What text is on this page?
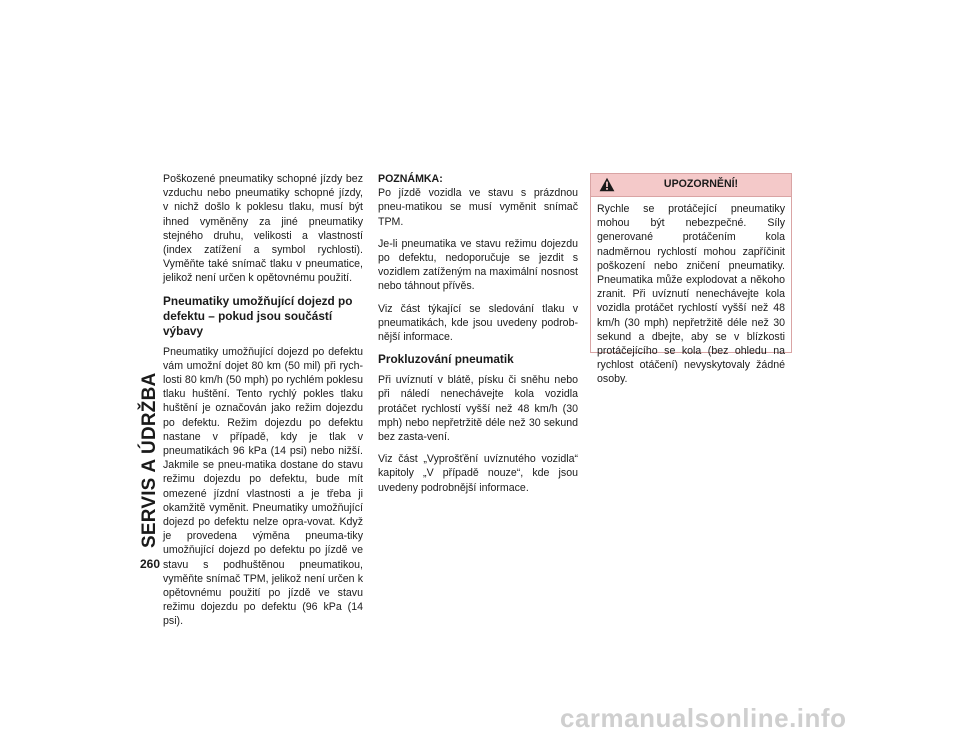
SERVIS A ÚDRŽBA
260

Poškozené pneumatiky schopné jízdy bez vzduchu nebo pneumatiky schopné jízdy, v nichž došlo k poklesu tlaku, musí být ihned vyměněny za jiné pneumatiky stejného druhu, velikosti a vlastností (index zatížení a symbol rychlosti). Vyměňte také snímač tlaku v pneumatice, jelikož není určen k opětovnému použití.

Pneumatiky umožňující dojezd po defektu – pokud jsou součástí výbavy

Pneumatiky umožňující dojezd po defektu vám umožní dojet 80 km (50 mil) při rych-losti 80 km/h (50 mph) po rychlém poklesu tlaku huštění. Tento rychlý pokles tlaku huštění je označován jako režim dojezdu po defektu. Režim dojezdu po defektu nastane v případě, kdy je tlak v pneumatikách 96 kPa (14 psi) nebo nižší. Jakmile se pneu-matika dostane do stavu režimu dojezdu po defektu, bude mít omezené jízdní vlastnosti a je třeba ji okamžitě vyměnit. Pneumatiky umožňující dojezd po defektu nelze opra-vovat. Když je provedena výměna pneuma-tiky umožňující dojezd po defektu po jízdě ve stavu s podhuštěnou pneumatikou, vyměňte snímač TPM, jelikož není určen k opětovnému použití po jízdě ve stavu režimu dojezdu po defektu (96 kPa (14 psi).

POZNÁMKA:
Po jízdě vozidla ve stavu s prázdnou pneu-matikou se musí vyměnit snímač TPM.

Je-li pneumatika ve stavu režimu dojezdu po defektu, nedoporučuje se jezdit s vozidlem zatíženým na maximální nosnost nebo táhnout přívěs.

Viz část týkající se sledování tlaku v pneumatikách, kde jsou uvedeny podrob-nější informace.

Prokluzování pneumatik

Při uvíznutí v blátě, písku či sněhu nebo při náledí nenechávejte kola vozidla protáčet rychlostí vyšší než 48 km/h (30 mph) nebo nepřetržitě déle než 30 sekund bez zasta-vení.

Viz část „Vyprošťění uvíznutého vozidla“ kapitoly „V případě nouze“, kde jsou uvedeny podrobnější informace.

UPOZORNĚNÍ!
Rychle se protáčející pneumatiky mohou být nebezpečné. Síly generované protáčením kola nadměrnou rychlostí mohou zapříčinit poškození nebo zničení pneumatiky. Pneumatika může explodovat a někoho zranit. Při uvíznutí nenechávejte kola vozidla protáčet rychlostí vyšší než 48 km/h (30 mph) nepřetržitě déle než 30 sekund a dbejte, aby se v blízkosti protáčejícího se kola (bez ohledu na rychlost otáčení) nevyskytovaly žádné osoby.
carmanualsonline.info
